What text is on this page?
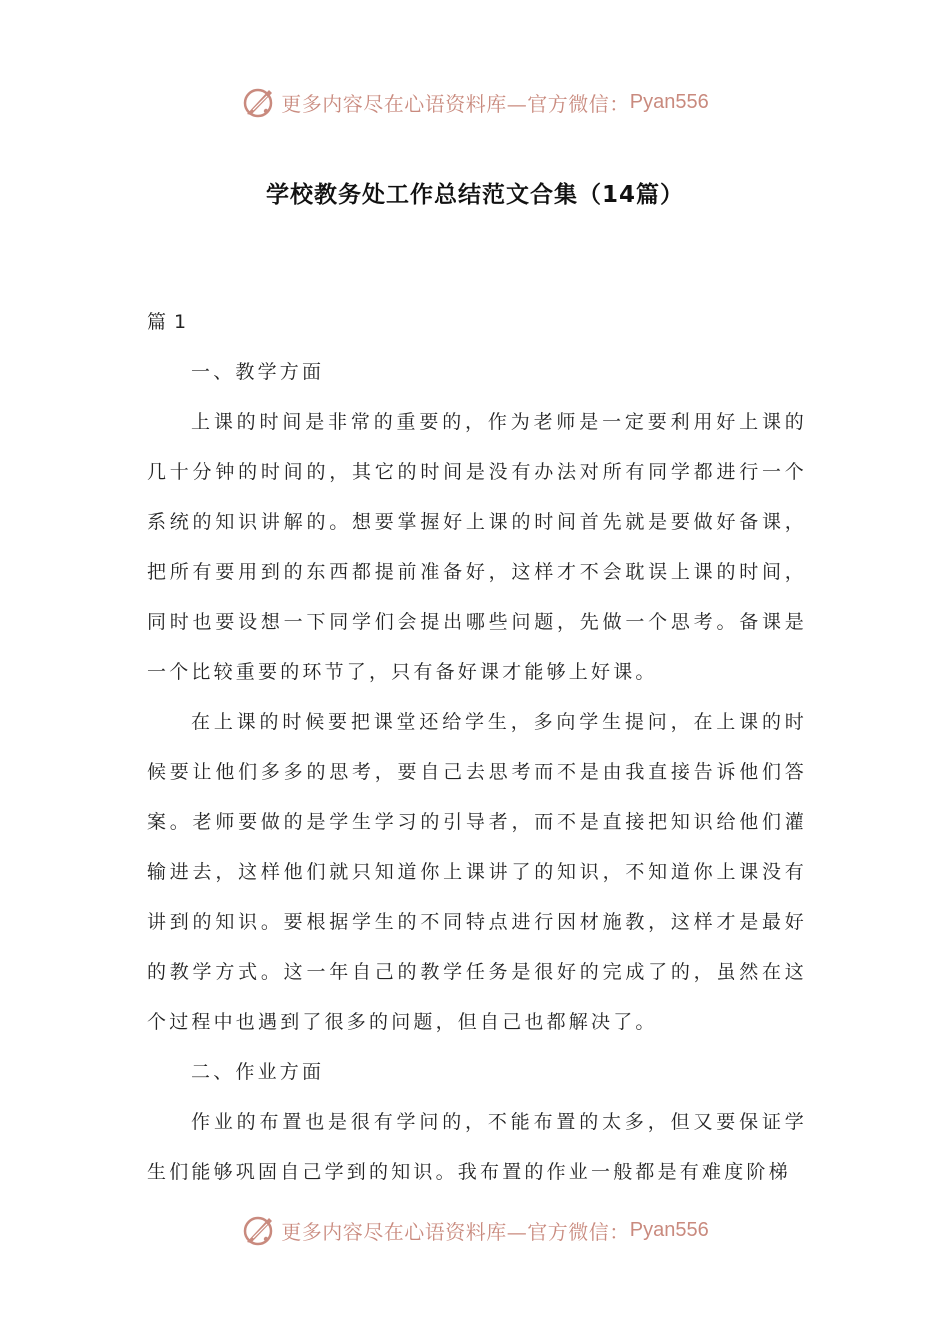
更多内容尽在心语资料库—官方微信： Pyan556
学校教务处工作总结范文合集（14篇）

篇 1

一、教学方面

上课的时间是非常的重要的，作为老师是一定要利用好上课的几十分钟的时间的，其它的时间是没有办法对所有同学都进行一个系统的知识讲解的。想要掌握好上课的时间首先就是要做好备课，把所有要用到的东西都提前准备好，这样才不会耽误上课的时间，同时也要设想一下同学们会提出哪些问题，先做一个思考。备课是一个比较重要的环节了，只有备好课才能够上好课。

在上课的时候要把课堂还给学生，多向学生提问，在上课的时候要让他们多多的思考，要自己去思考而不是由我直接告诉他们答案。老师要做的是学生学习的引导者，而不是直接把知识给他们灌输进去，这样他们就只知道你上课讲了的知识，不知道你上课没有讲到的知识。要根据学生的不同特点进行因材施教，这样才是最好的教学方式。这一年自己的教学任务是很好的完成了的，虽然在这个过程中也遇到了很多的问题，但自己也都解决了。

二、作业方面

作业的布置也是很有学问的，不能布置的太多，但又要保证学生们能够巩固自己学到的知识。我布置的作业一般都是有难度阶梯

更多内容尽在心语资料库—官方微信： Pyan556
